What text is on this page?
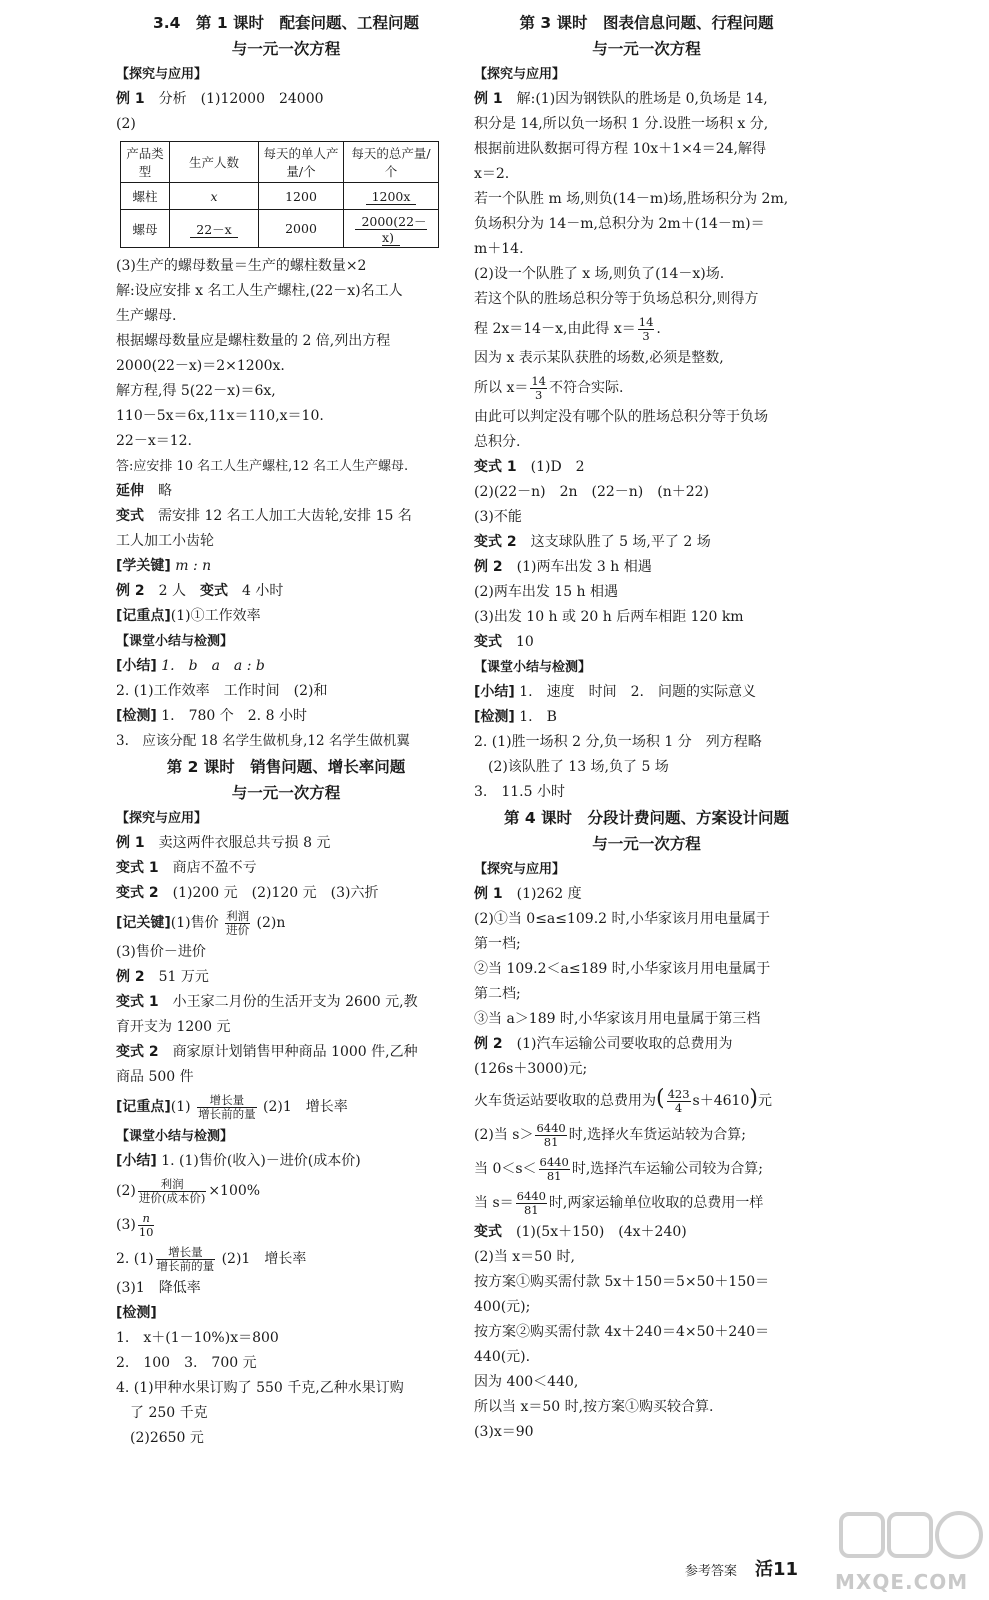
3.4　第 1 课时　配套问题、工程问题
与一元一次方程
【探究与应用】
例 1 分析　(1)12000　24000
(2)
产品类型	生产人数	每天的单人产量/个	每天的总产量/个
螺柱	x	1200	1200x
螺母	22－x	2000	2000(22－x)
(3)生产的螺母数量＝生产的螺柱数量×2
解:设应安排 x 名工人生产螺柱,(22－x)名工人
生产螺母.
根据螺母数量应是螺柱数量的 2 倍,列出方程
2000(22－x)＝2×1200x.
解方程,得 5(22－x)＝6x,
110－5x＝6x,11x＝110,x＝10.
22－x＝12.
答:应安排 10 名工人生产螺柱,12 名工人生产螺母.
延伸 略
变式 需安排 12 名工人加工大齿轮,安排 15 名
工人加工小齿轮
[学关键] m : n
例 2 2 人 变式 4 小时
[记重点](1)①工作效率
【课堂小结与检测】
[小结] 1.　b　a　a : b
2. (1)工作效率　工作时间　(2)和
[检测] 1.　780 个　2. 8 小时
3.　应该分配 18 名学生做机身,12 名学生做机翼
第 2 课时　销售问题、增长率问题
与一元一次方程
【探究与应用】
例 1 卖这两件衣服总共亏损 8 元
变式 1 商店不盈不亏
变式 2 (1)200 元　(2)120 元　(3)六折
[记关键](1)售价 $\frac{\text{利润}}{\text{进价}} (2)n$
(3)售价－进价
例 2 51 万元
变式 1 小王家二月份的生活开支为 2600 元,教
育开支为 1200 元
变式 2 商家原计划销售甲种商品 1000 件,乙种
商品 500 件
[记重点]$(1) \frac{\text{增长量}}{\text{增长前的量}} (2)1$　增长率
【课堂小结与检测】
[小结] 1. (1)售价(收入)－进价(成本价)
$(2) \frac{\text{利润}}{\text{进价(成本价)}} \times 100\%$
$(3) \frac{n}{10}$
2. $(1) \frac{\text{增长量}}{\text{增长前的量}} (2)1$　增长率
(3)1　降低率
[检测]
1.　x＋(1－10%)x＝800
2.　100　3.　700 元
4. (1)甲种水果订购了 550 千克,乙种水果订购
　了 250 千克
　(2)2650 元
第 3 课时　图表信息问题、行程问题
与一元一次方程
【探究与应用】
例 1 解:(1)因为钢铁队的胜场是 0,负场是 14,
积分是 14,所以负一场积 1 分.设胜一场积 x 分,
根据前进队数据可得方程 10x＋1×4＝24,解得
x＝2.
若一个队胜 m 场,则负(14－m)场,胜场积分为 2m,
负场积分为 14－m,总积分为 2m＋(14－m)＝
m＋14.
(2)设一个队胜了 x 场,则负了(14－x)场.
若这个队的胜场总积分等于负场总积分,则得方
程 2x＝14－x,由此得 $x= \frac{14}{3}$ .
因为 x 表示某队获胜的场数,必须是整数,
所以 $x= \frac{14}{3}$ 不符合实际.
由此可以判定没有哪个队的胜场总积分等于负场
总积分.
变式 1 (1)D　2
(2)(22－n)　2n　(22－n)　(n＋22)
(3)不能
变式 2 这支球队胜了 5 场,平了 2 场
例 2 (1)两车出发 3 h 相遇
(2)两车出发 15 h 相遇
(3)出发 10 h 或 20 h 后两车相距 120 km
变式 10
【课堂小结与检测】
[小结] 1.　速度　时间　2.　问题的实际意义
[检测] 1.　B
2. (1)胜一场积 2 分,负一场积 1 分　列方程略
　(2)该队胜了 13 场,负了 5 场
3.　11.5 小时
第 4 课时　分段计费问题、方案设计问题
与一元一次方程
【探究与应用】
例 1 (1)262 度
(2)①当 0≤a≤109.2 时,小华家该月用电量属于
第一档;
②当 109.2＜a≤189 时,小华家该月用电量属于
第二档;
③当 a＞189 时,小华家该月用电量属于第三档
例 2 (1)汽车运输公司要收取的总费用为
(126s＋3000)元;
火车货运站要收取的总费用为( $\frac{423}{4} s+4610$)元
(2)当 $s> \frac{6440}{81}$ 时,选择火车货运站较为合算;
当 $0<s< \frac{6440}{81}$ 时,选择汽车运输公司较为合算;
当 $s= \frac{6440}{81}$ 时,两家运输单位收取的总费用一样
变式 (1)(5x＋150)　(4x＋240)
(2)当 x＝50 时,
按方案①购买需付款 5x＋150＝5×50＋150＝
400(元);
按方案②购买需付款 4x＋240＝4×50＋240＝
440(元).
因为 400＜440,
所以当 x＝50 时,按方案①购买较合算.
(3)x＝90
MXQE.COM
参考答案 活11
